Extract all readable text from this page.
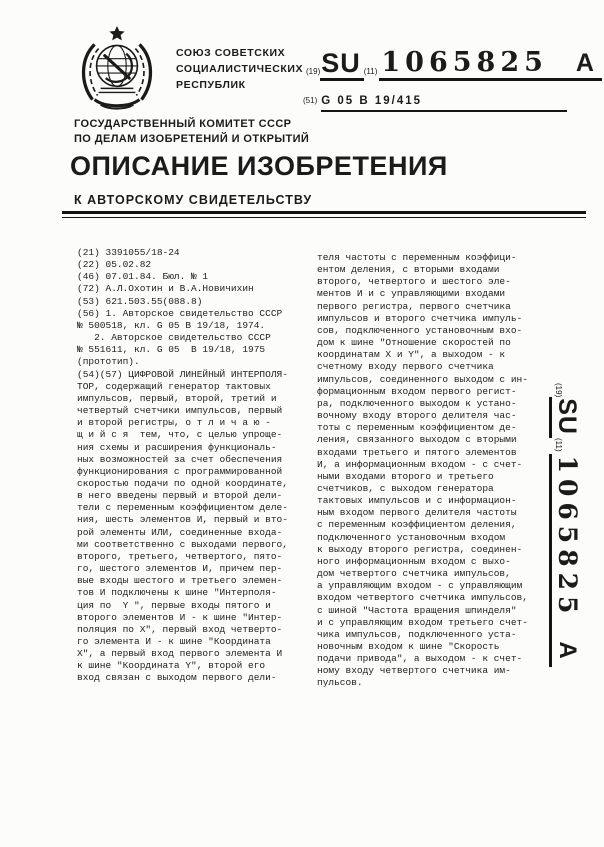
СОЮЗ СОВЕТСКИХ
СОЦИАЛИСТИЧЕСКИХ
РЕСПУБЛИК
(19) SU (11) 1065825 A
(51) G 05 B 19/415
ГОСУДАРСТВЕННЫЙ КОМИТЕТ СССР
ПО ДЕЛАМ ИЗОБРЕТЕНИЙ И ОТКРЫТИЙ
ОПИСАНИЕ ИЗОБРЕТЕНИЯ
К АВТОРСКОМУ СВИДЕТЕЛЬСТВУ
(21) 3391055/18-24
(22) 05.02.82
(46) 07.01.84. Бюл. № 1
(72) А.Л.Охотин и В.А.Новичихин
(53) 621.503.55(088.8)
(56) 1. Авторское свидетельство СССР
№ 500518, кл. G 05 B 19/18, 1974.
2. Авторское свидетельство СССР
№ 551611, кл. G 05  B 19/18, 1975
(прототип).
(54)(57) ЦИФРОВОЙ ЛИНЕЙНЫЙ ИНТЕРПОЛЯ-
ТОР, содержащий генератор тактовых
импульсов, первый, второй, третий и
четвертый счетчики импульсов, первый
и второй регистры, о т л и ч а ю -
щ и й с я  тем, что, с целью упроще-
ния схемы и расширения функциональ-
ных возможностей за счет обеспечения
функционирования с программированной
скоростью подачи по одной координате,
в него введены первый и второй дели-
тели с переменным коэффициентом деле-
ния, шесть элементов И, первый и вто-
рой элементы ИЛИ, соединенные входа-
ми соответственно с выходами первого,
второго, третьего, четвертого, пято-
го, шестого элементов И, причем пер-
вые входы шестого и третьего элемен-
тов И подключены к шине "Интерполя-
ция по  Y ", первые входы пятого и
второго элементов И - к шине "Интер-
поляция по X", первый вход четверто-
го элемента И - к шине "Координата
X", а первый вход первого элемента И
к шине "Координата Y", второй его
вход связан с выходом первого дели-
теля частоты с переменным коэффици-
ентом деления, с вторыми входами
второго, четвертого и шестого эле-
ментов И и с управляющими входами
первого регистра, первого счетчика
импульсов и второго счетчика импуль-
сов, подключенного установочным вхо-
дом к шине "Отношение скоростей по
координатам X и Y", а выходом - к
счетному входу первого счетчика
импульсов, соединенного выходом с ин-
формационным входом первого регист-
ра, подключенного выходом к устано-
вочному входу второго делителя час-
тоты с переменным коэффициентом де-
ления, связанного выходом с вторыми
входами третьего и пятого элементов
И, а информационным входом - с счет-
ными входами второго и третьего
счетчиков, с выходом генератора
тактовых импульсов и с информацион-
ным входом первого делителя частоты
с переменным коэффициентом деления,
подключенного установочным входом
к выходу второго регистра, соединен-
ного информационным входом с выхо-
дом четвертого счетчика импульсов,
а управляющим входом - с управляющим
входом четвертого счетчика импульсов,
с шиной "Частота вращения шпинделя"
и с управляющим входом третьего счет-
чика импульсов, подключенного уста-
новочным входом к шине "Скорость
подачи привода", а выходом - к счет-
ному входу четвертого счетчика им-
пульсов.
(19)
SU
(11)
1065825
A
